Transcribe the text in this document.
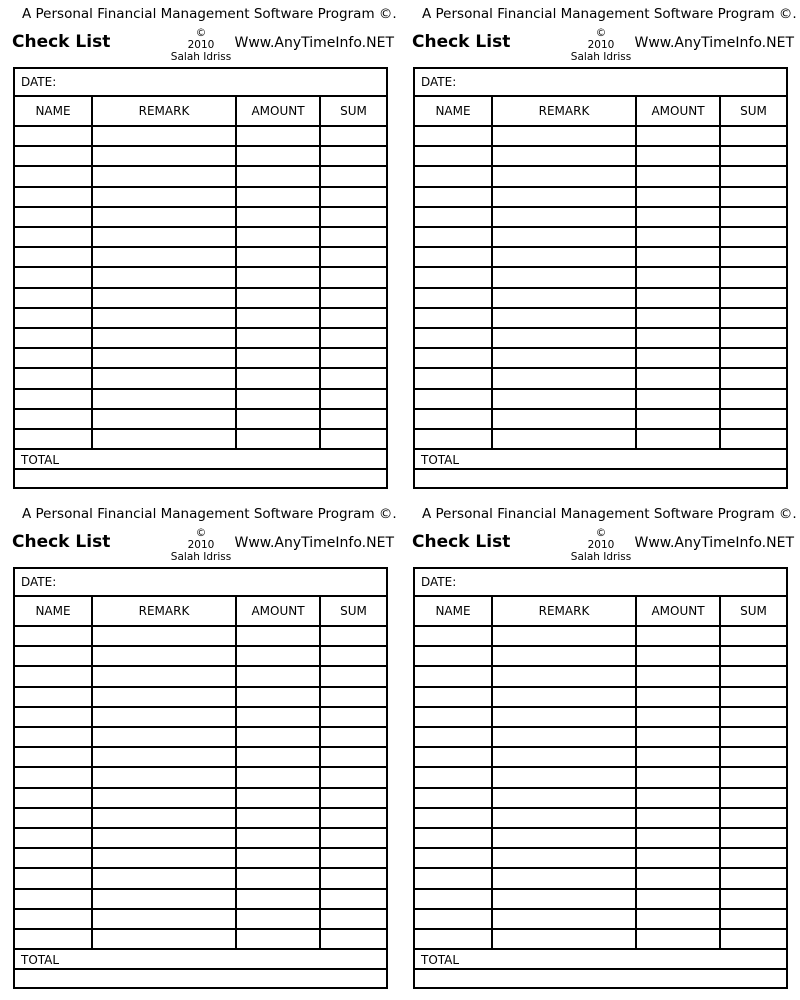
A Personal Financial Management Software Program ©.
Check List	©
2010
Salah Idriss
Www.AnyTimeInfo.NET
DATE:
NAME	REMARK	AMOUNT	SUM
TOTAL
A Personal Financial Management Software Program ©.
Check List	©
2010
Salah Idriss
Www.AnyTimeInfo.NET
DATE:
NAME	REMARK	AMOUNT	SUM
TOTAL
A Personal Financial Management Software Program ©.
Check List	©
2010
Salah Idriss
Www.AnyTimeInfo.NET
DATE:
NAME	REMARK	AMOUNT	SUM
TOTAL
A Personal Financial Management Software Program ©.
Check List	©
2010
Salah Idriss
Www.AnyTimeInfo.NET
DATE:
NAME	REMARK	AMOUNT	SUM
TOTAL
